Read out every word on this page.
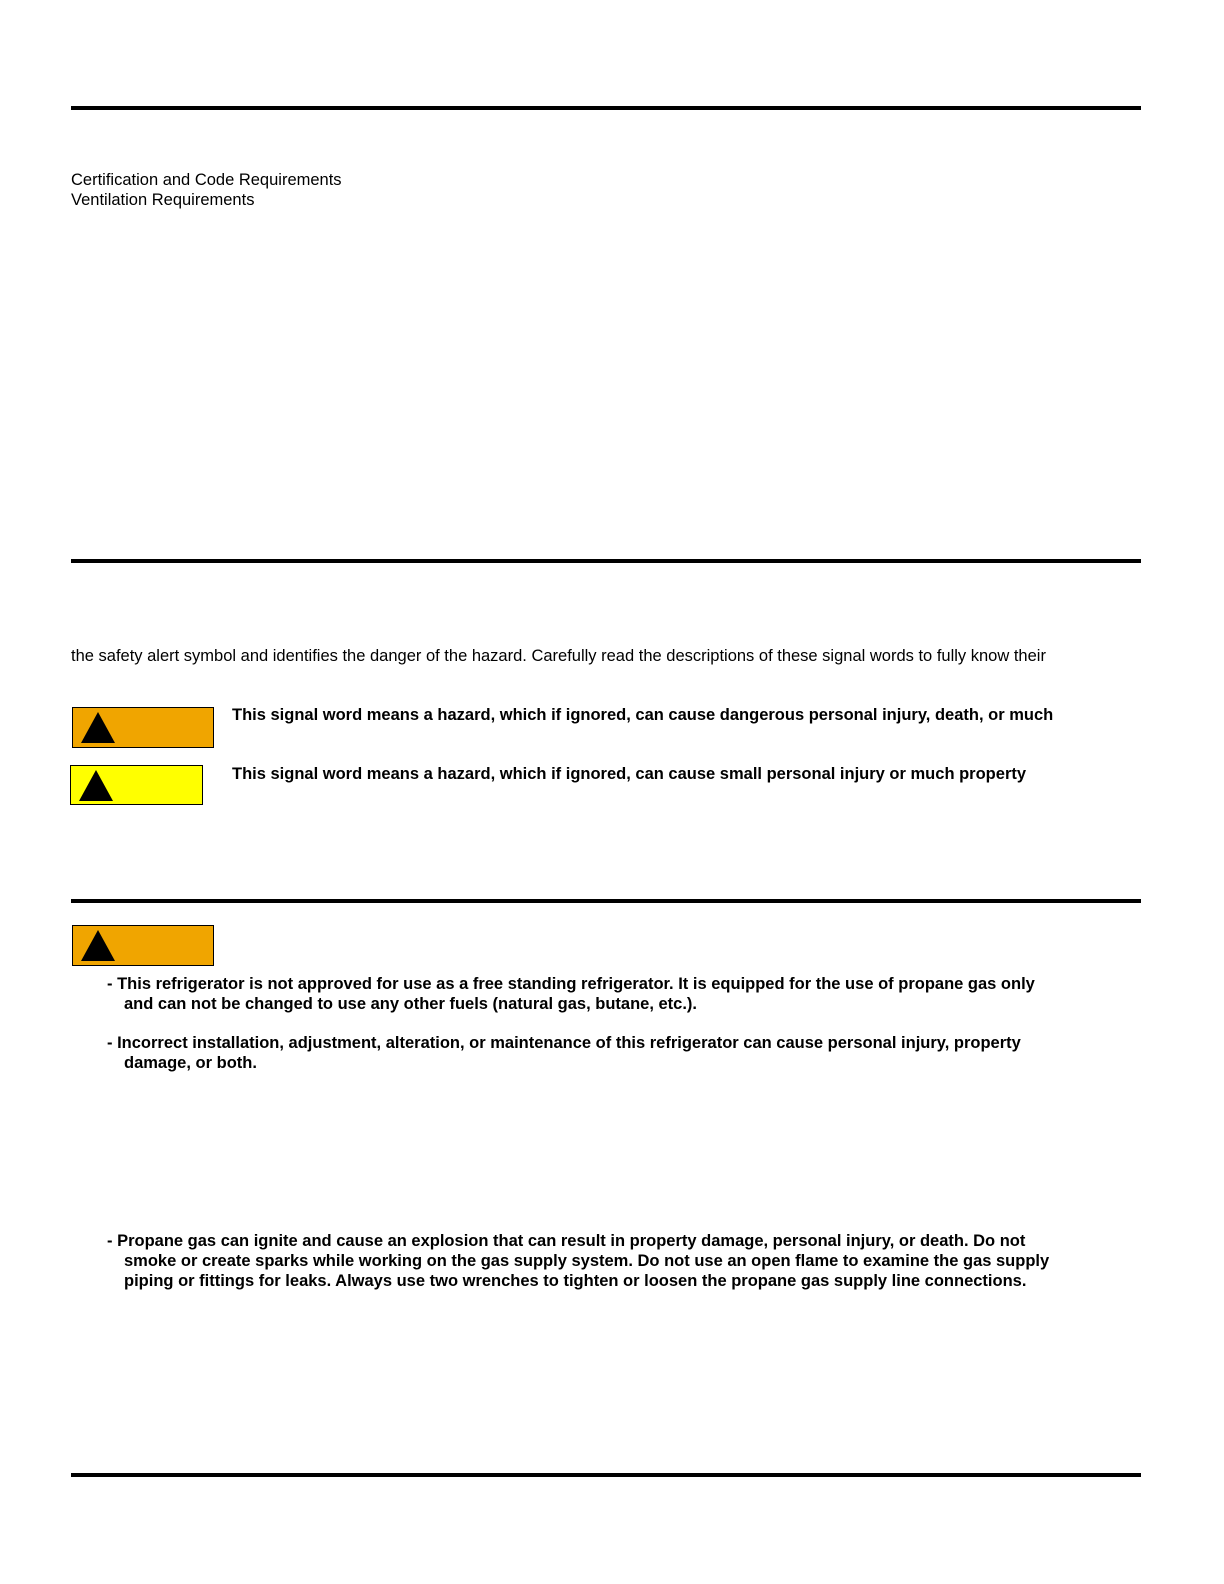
Certification and Code Requirements
Ventilation Requirements
the safety alert symbol and identifies the danger of the hazard. Carefully read the descriptions of these signal words to fully know their
This signal word means a hazard, which if ignored, can cause dangerous personal injury, death, or much
This signal word means a hazard, which if ignored, can cause small personal injury or much property
- This refrigerator is not approved for use as a free standing refrigerator. It is equipped for the use of propane gas only
and can not be changed to use any other fuels (natural gas, butane, etc.).
- Incorrect installation, adjustment, alteration, or maintenance of this refrigerator can cause personal injury, property
damage, or both.
- Propane gas can ignite and cause an explosion that can result in property damage, personal injury, or death. Do not
smoke or create sparks while working on the gas supply system. Do not use an open flame to examine the gas supply
piping or fittings for leaks. Always use two wrenches to tighten or loosen the propane gas supply line connections.
